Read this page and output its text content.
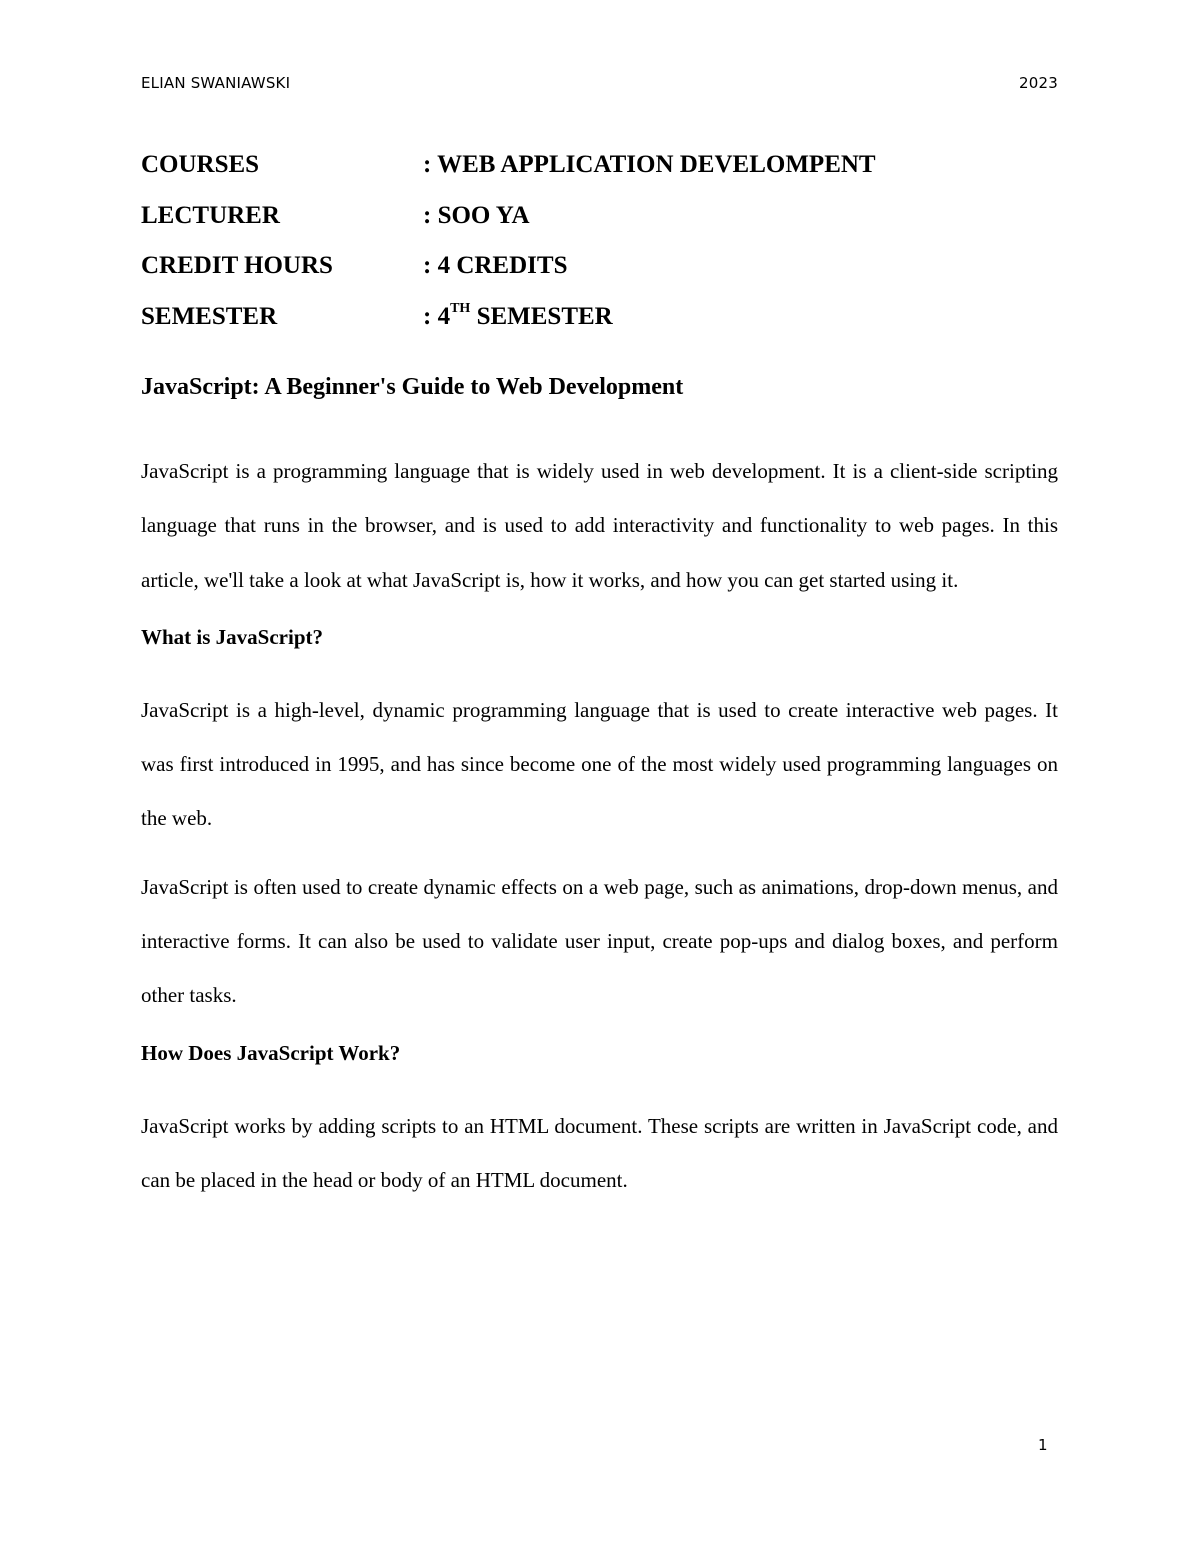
ELIAN SWANIAWSKI	2023
COURSES	: WEB APPLICATION DEVELOMPENT
LECTURER	: SOO YA
CREDIT HOURS	: 4 CREDITS
SEMESTER	: 4TH SEMESTER
JavaScript: A Beginner's Guide to Web Development

JavaScript is a programming language that is widely used in web development. It is a client-side scripting language that runs in the browser, and is used to add interactivity and functionality to web pages. In this article, we'll take a look at what JavaScript is, how it works, and how you can get started using it.

What is JavaScript?

JavaScript is a high-level, dynamic programming language that is used to create interactive web pages. It was first introduced in 1995, and has since become one of the most widely used programming languages on the web.

JavaScript is often used to create dynamic effects on a web page, such as animations, drop-down menus, and interactive forms. It can also be used to validate user input, create pop-ups and dialog boxes, and perform other tasks.

How Does JavaScript Work?

JavaScript works by adding scripts to an HTML document. These scripts are written in JavaScript code, and can be placed in the head or body of an HTML document.

1
